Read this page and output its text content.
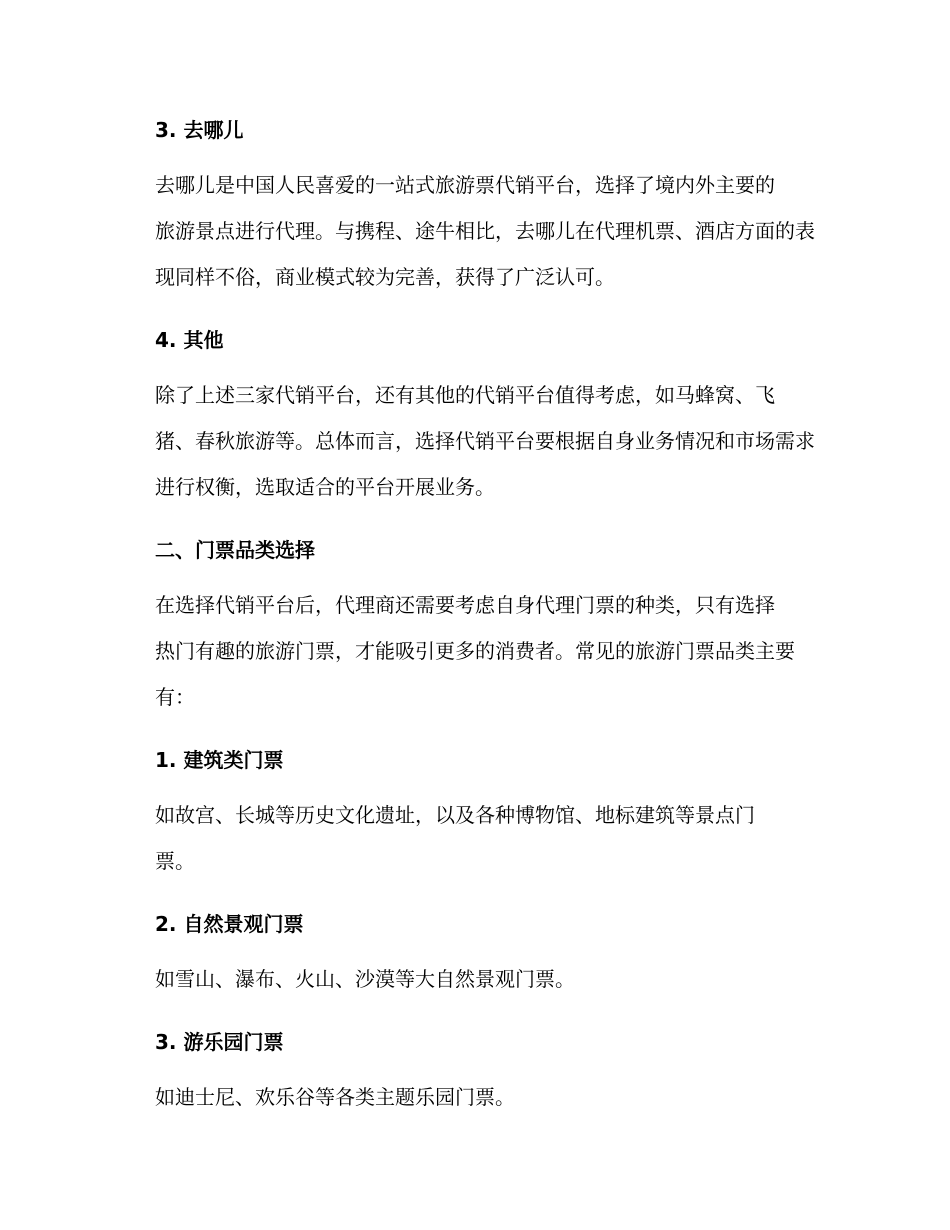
3. 去哪儿

去哪儿是中国人民喜爱的一站式旅游票代销平台，选择了境内外主要的
旅游景点进行代理。与携程、途牛相比，去哪儿在代理机票、酒店方面的表
现同样不俗，商业模式较为完善，获得了广泛认可。

4. 其他

除了上述三家代销平台，还有其他的代销平台值得考虑，如马蜂窝、飞
猪、春秋旅游等。总体而言，选择代销平台要根据自身业务情况和市场需求
进行权衡，选取适合的平台开展业务。

二、门票品类选择

在选择代销平台后，代理商还需要考虑自身代理门票的种类，只有选择
热门有趣的旅游门票，才能吸引更多的消费者。常见的旅游门票品类主要
有：

1. 建筑类门票

如故宫、长城等历史文化遗址，以及各种博物馆、地标建筑等景点门
票。

2. 自然景观门票

如雪山、瀑布、火山、沙漠等大自然景观门票。

3. 游乐园门票

如迪士尼、欢乐谷等各类主题乐园门票。
